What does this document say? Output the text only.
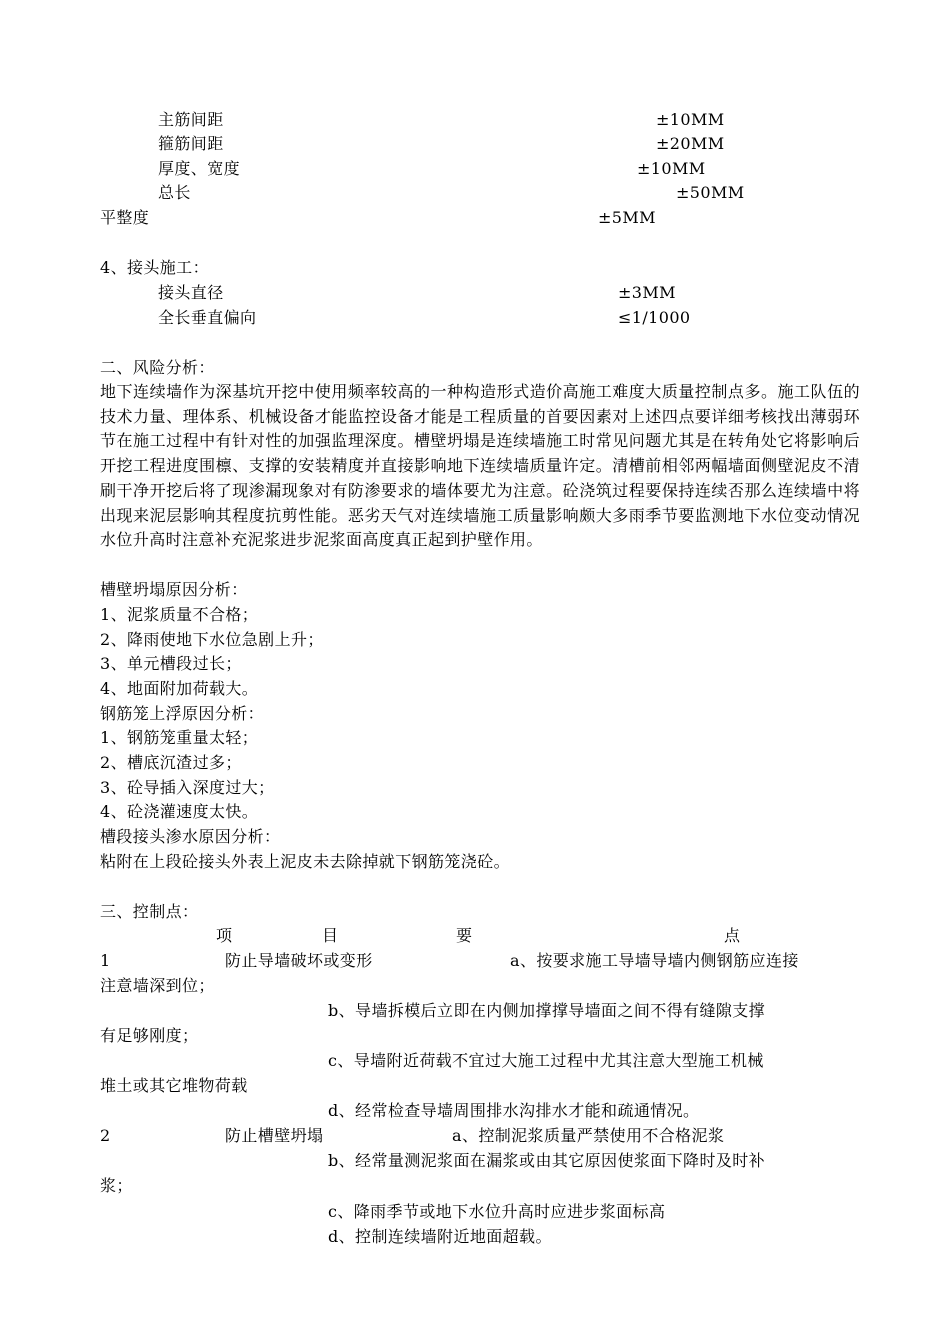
主筋间距	±10MM
箍筋间距	±20MM
厚度、宽度	±10MM
总长	±50MM
平整度	±5MM
4、接头施工：
接头直径	±3MM
全长垂直偏向	≤1/1000
二、风险分析：
地下连续墙作为深基坑开挖中使用频率较高的一种构造形式造价高施工难度大质量控制点多。施工队伍的技术力量、理体系、机械设备才能监控设备才能是工程质量的首要因素对上述四点要详细考核找出薄弱环节在施工过程中有针对性的加强监理深度。槽壁坍塌是连续墙施工时常见问题尤其是在转角处它将影响后开挖工程进度围檩、支撑的安装精度并直接影响地下连续墙质量许定。清槽前相邻两幅墙面侧壁泥皮不清刷干净开挖后将了现渗漏现象对有防渗要求的墙体要尤为注意。砼浇筑过程要保持连续否那么连续墙中将出现来泥层影响其程度抗剪性能。恶劣天气对连续墙施工质量影响颇大多雨季节要监测地下水位变动情况水位升高时注意补充泥浆进步泥浆面高度真正起到护壁作用。
槽壁坍塌原因分析：
1、泥浆质量不合格；
2、降雨使地下水位急剧上升；
3、单元槽段过长；
4、地面附加荷载大。
钢筋笼上浮原因分析：
1、钢筋笼重量太轻；
2、槽底沉渣过多；
3、砼导插入深度过大；
4、砼浇灌速度太快。
槽段接头渗水原因分析：
粘附在上段砼接头外表上泥皮未去除掉就下钢筋笼浇砼。
三、控制点：
项	目	要	点
1	防止导墙破坏或变形	a、按要求施工导墙导墙内侧钢筋应连接
注意墙深到位；
b、导墙拆模后立即在内侧加撑撑导墙面之间不得有缝隙支撑
有足够刚度；
c、导墙附近荷载不宜过大施工过程中尤其注意大型施工机械
堆土或其它堆物荷载
d、经常检查导墙周围排水沟排水才能和疏通情况。
2	防止槽壁坍塌	a、控制泥浆质量严禁使用不合格泥浆
b、经常量测泥浆面在漏浆或由其它原因使浆面下降时及时补
浆；
c、降雨季节或地下水位升高时应进步浆面标高
d、控制连续墙附近地面超载。
